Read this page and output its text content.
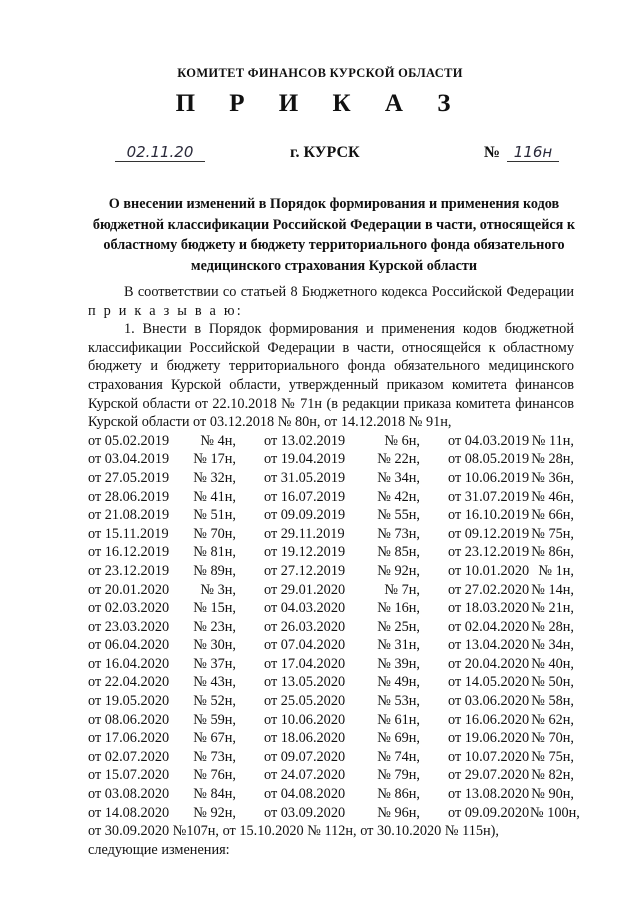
КОМИТЕТ ФИНАНСОВ КУРСКОЙ ОБЛАСТИ
П Р И К А З
02.11.20	г. КУРСК	№ 116н
О внесении изменений в Порядок формирования и применения кодов бюджетной классификации Российской Федерации в части, относящейся к областному бюджету и бюджету территориального фонда обязательного медицинского страхования Курской области
В соответствии со статьей 8 Бюджетного кодекса Российской Федерации п р и к а з ы в а ю:
1. Внести в Порядок формирования и применения кодов бюджетной классификации Российской Федерации в части, относящейся к областному бюджету и бюджету территориального фонда обязательного медицинского страхования Курской области, утвержденный приказом комитета финансов Курской области от 22.10.2018 № 71н (в редакции приказа комитета финансов Курской области от 03.12.2018 № 80н, от 14.12.2018 № 91н,
от 05.02.2019	№ 4н,		от 13.02.2019	№ 6н,		от 04.03.2019	№ 11н,
от 03.04.2019	№ 17н,		от 19.04.2019	№ 22н,		от 08.05.2019	№ 28н,
от 27.05.2019	№ 32н,		от 31.05.2019	№ 34н,		от 10.06.2019	№ 36н,
от 28.06.2019	№ 41н,		от 16.07.2019	№ 42н,		от 31.07.2019	№ 46н,
от 21.08.2019	№ 51н,		от 09.09.2019	№ 55н,		от 16.10.2019	№ 66н,
от 15.11.2019	№ 70н,		от 29.11.2019	№ 73н,		от 09.12.2019	№ 75н,
от 16.12.2019	№ 81н,		от 19.12.2019	№ 85н,		от 23.12.2019	№ 86н,
от 23.12.2019	№ 89н,		от 27.12.2019	№ 92н,		от 10.01.2020	№ 1н,
от 20.01.2020	№ 3н,		от 29.01.2020	№ 7н,		от 27.02.2020	№ 14н,
от 02.03.2020	№ 15н,		от 04.03.2020	№ 16н,		от 18.03.2020	№ 21н,
от 23.03.2020	№ 23н,		от 26.03.2020	№ 25н,		от 02.04.2020	№ 28н,
от 06.04.2020	№ 30н,		от 07.04.2020	№ 31н,		от 13.04.2020	№ 34н,
от 16.04.2020	№ 37н,		от 17.04.2020	№ 39н,		от 20.04.2020	№ 40н,
от 22.04.2020	№ 43н,		от 13.05.2020	№ 49н,		от 14.05.2020	№ 50н,
от 19.05.2020	№ 52н,		от 25.05.2020	№ 53н,		от 03.06.2020	№ 58н,
от 08.06.2020	№ 59н,		от 10.06.2020	№ 61н,		от 16.06.2020	№ 62н,
от 17.06.2020	№ 67н,		от 18.06.2020	№ 69н,		от 19.06.2020	№ 70н,
от 02.07.2020	№ 73н,		от 09.07.2020	№ 74н,		от 10.07.2020	№ 75н,
от 15.07.2020	№ 76н,		от 24.07.2020	№ 79н,		от 29.07.2020	№ 82н,
от 03.08.2020	№ 84н,		от 04.08.2020	№ 86н,		от 13.08.2020	№ 90н,
от 14.08.2020	№ 92н,		от 03.09.2020	№ 96н,		от 09.09.2020	№ 100н,
от 30.09.2020 №107н, от 15.10.2020 № 112н, от 30.10.2020 № 115н),
следующие изменения:
